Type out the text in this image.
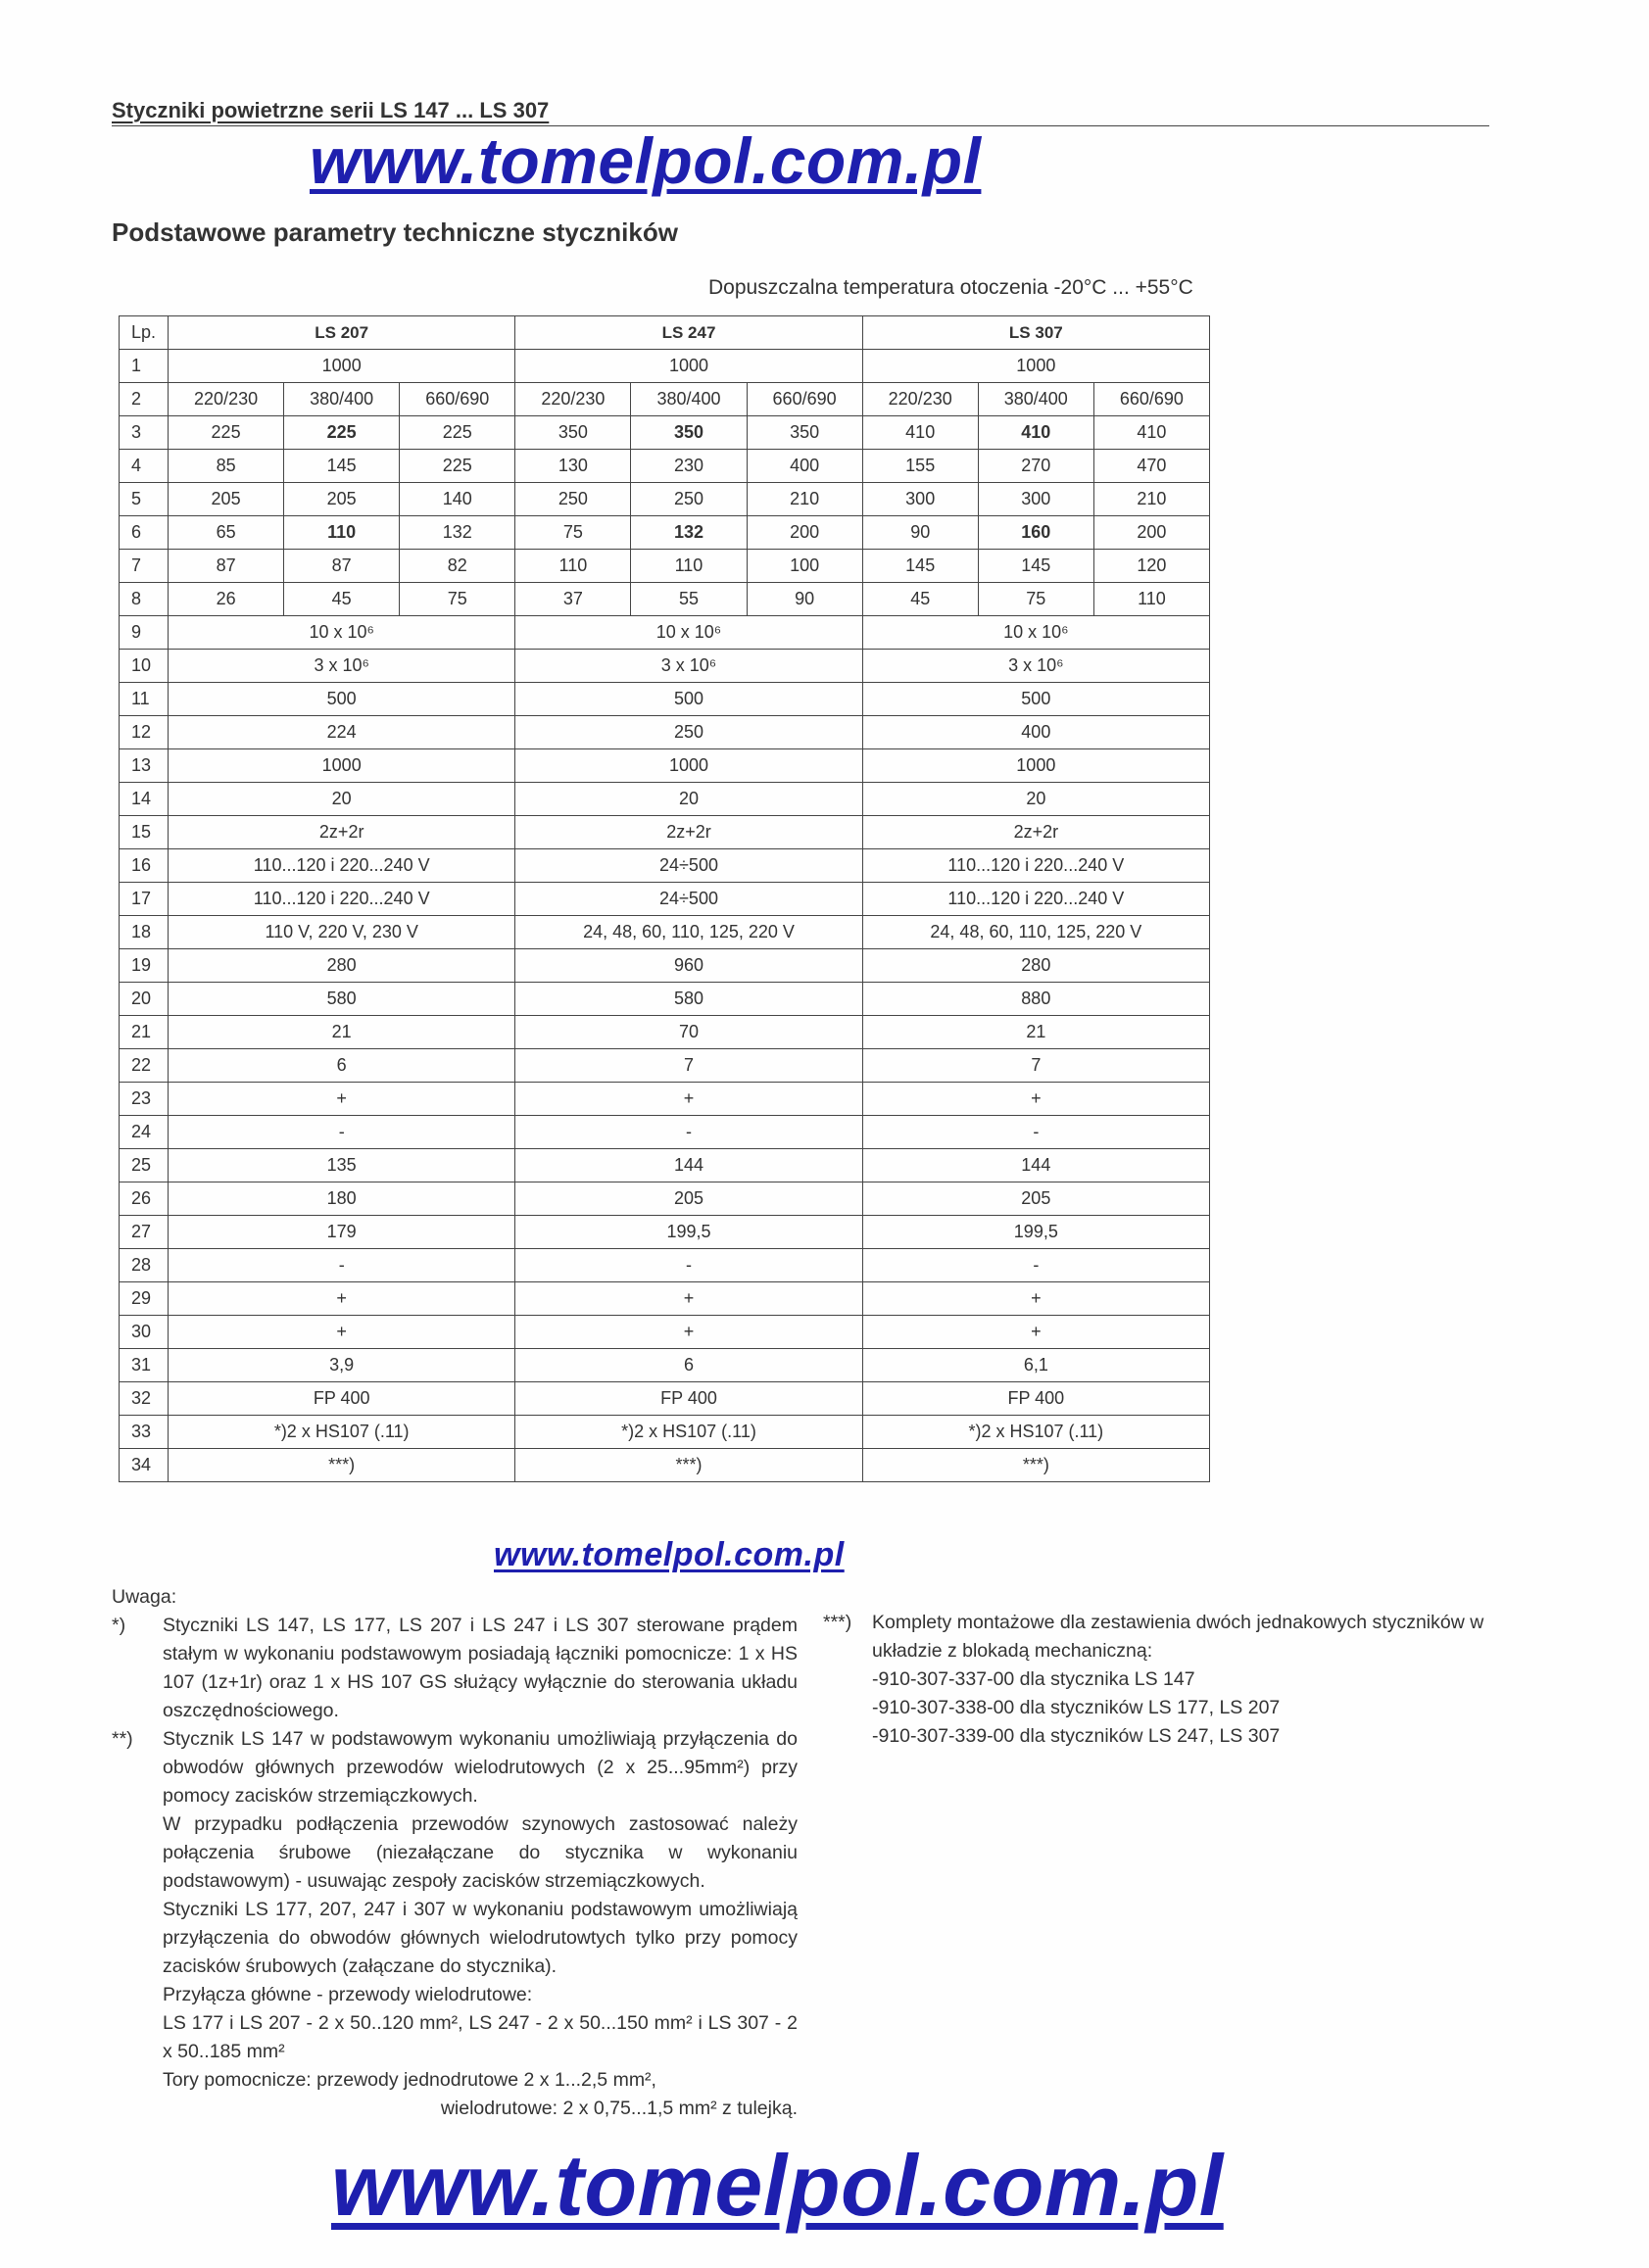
Styczniki powietrzne serii LS 147 ... LS 307
www.tomelpol.com.pl
Podstawowe parametry techniczne styczników
Dopuszczalna temperatura otoczenia -20°C ... +55°C
Lp.	LS 207			LS 247			LS 307		
1	1000			1000			1000		
2	220/230	380/400	660/690	220/230	380/400	660/690	220/230	380/400	660/690
3	225	225	225	350	350	350	410	410	410
4	85	145	225	130	230	400	155	270	470
5	205	205	140	250	250	210	300	300	210
6	65	110	132	75	132	200	90	160	200
7	87	87	82	110	110	100	145	145	120
8	26	45	75	37	55	90	45	75	110
9	10 x 10⁶			10 x 10⁶			10 x 10⁶		
10	3 x 10⁶			3 x 10⁶			3 x 10⁶		
11	500			500			500		
12	224			250			400		
13	1000			1000			1000		
14	20			20			20		
15	2z+2r			2z+2r			2z+2r		
16	110...120 i 220...240 V			24÷500			110...120 i 220...240 V		
17	110...120 i 220...240 V			24÷500			110...120 i 220...240 V		
18	110 V, 220 V, 230 V			24, 48, 60, 110, 125, 220 V			24, 48, 60, 110, 125, 220 V		
19	280			960			280		
20	580			580			880		
21	21			70			21		
22	6			7			7		
23	+			+			+		
24	-			-			-		
25	135			144			144		
26	180			205			205		
27	179			199,5			199,5		
28	-			-			-		
29	+			+			+		
30	+			+			+		
31	3,9			6			6,1		
32	FP 400			FP 400			FP 400		
33	*)2 x HS107 (.11)			*)2 x HS107 (.11)			*)2 x HS107 (.11)		
34	***)			***)			***)		
www.tomelpol.com.pl
Uwaga:
*)	Styczniki LS 147, LS 177, LS 207 i LS 247 i LS 307 sterowane prądem stałym w wykonaniu podstawowym posiadają łączniki pomocnicze: 1 x HS 107 (1z+1r) oraz 1 x HS 107 GS służący wyłącznie do sterowania układu oszczędnościowego.

**)	Stycznik LS 147 w podstawowym wykonaniu umożliwiają przyłączenia do obwodów głównych przewodów wielodrutowych (2 x 25...95mm²) przy pomocy zacisków strzemiączkowych.

W przypadku podłączenia przewodów szynowych zastosować należy połączenia śrubowe (niezałączane do stycznika w wykonaniu podstawowym) - usuwając zespoły zacisków strzemiączkowych.

Styczniki LS 177, 207, 247 i 307 w wykonaniu podstawowym umożliwiają przyłączenia do obwodów głównych wielodrutowtych tylko przy pomocy zacisków śrubowych (załączane do stycznika).

Przyłącza główne - przewody wielodrutowe:

LS 177 i LS 207 - 2 x 50..120 mm², LS 247 - 2 x 50...150 mm² i LS 307 - 2 x 50..185 mm²

Tory pomocnicze: przewody jednodrutowe 2 x 1...2,5 mm²,

wielodrutowe: 2 x 0,75...1,5 mm² z tulejką.

***)	Komplety montażowe dla zestawienia dwóch jednakowych styczników w układzie z blokadą mechaniczną:

-910-307-337-00 dla stycznika LS 147

-910-307-338-00 dla styczników LS 177, LS 207

-910-307-339-00 dla styczników LS 247, LS 307

www.tomelpol.com.pl
